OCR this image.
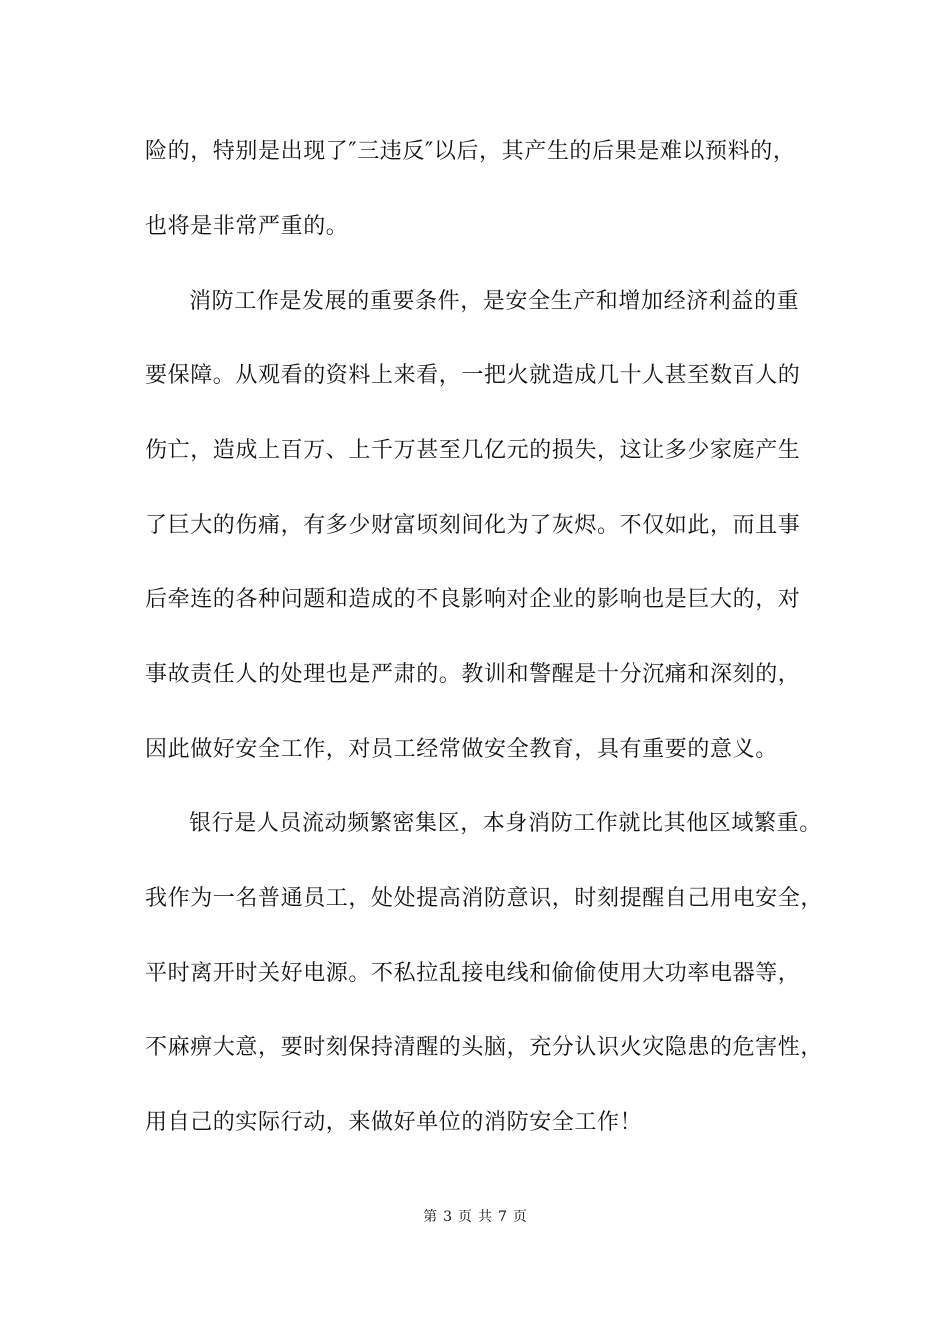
险的，特别是出现了″三违反″以后，其产生的后果是难以预料的，
也将是非常严重的。
消防工作是发展的重要条件，是安全生产和增加经济利益的重
要保障。从观看的资料上来看，一把火就造成几十人甚至数百人的
伤亡，造成上百万、上千万甚至几亿元的损失，这让多少家庭产生
了巨大的伤痛，有多少财富顷刻间化为了灰烬。不仅如此，而且事
后牵连的各种问题和造成的不良影响对企业的影响也是巨大的，对
事故责任人的处理也是严肃的。教训和警醒是十分沉痛和深刻的，
因此做好安全工作，对员工经常做安全教育，具有重要的意义。
银行是人员流动频繁密集区，本身消防工作就比其他区域繁重。
我作为一名普通员工，处处提高消防意识，时刻提醒自己用电安全，
平时离开时关好电源。不私拉乱接电线和偷偷使用大功率电器等，
不麻痹大意，要时刻保持清醒的头脑，充分认识火灾隐患的危害性，
用自己的实际行动，来做好单位的消防安全工作！
第 3 页 共 7 页
